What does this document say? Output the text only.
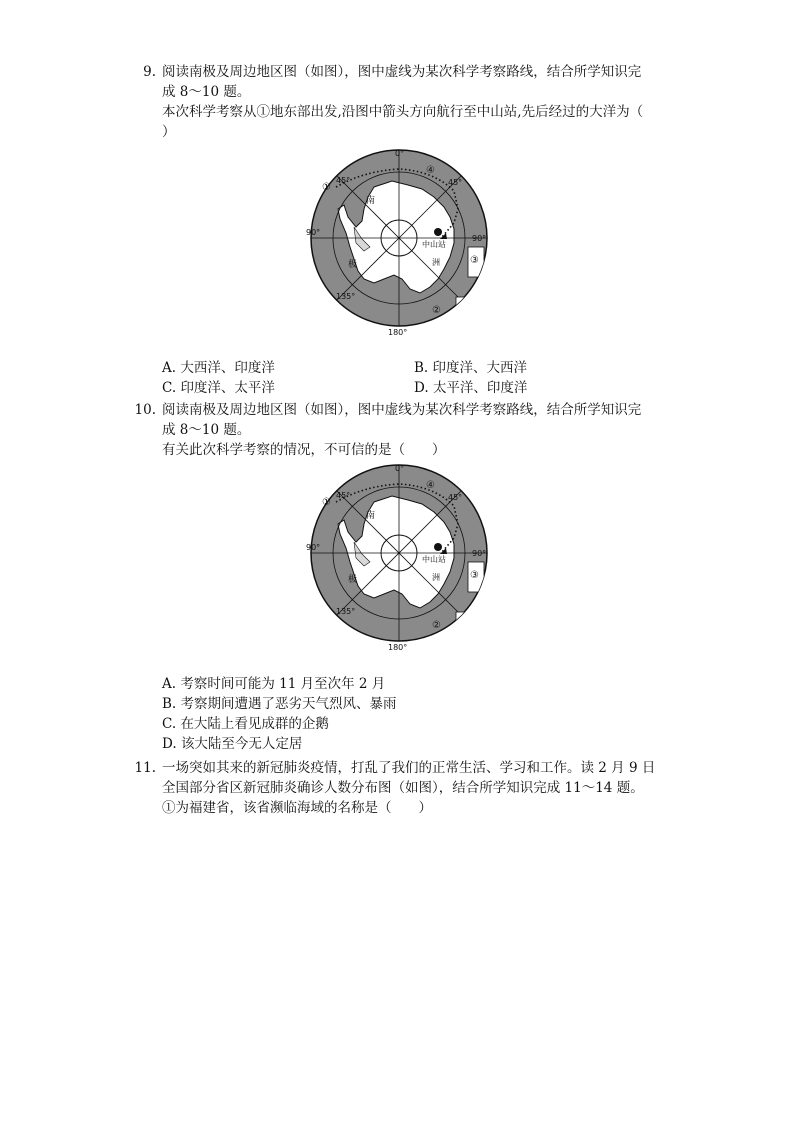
9. 阅读南极及周边地区图（如图），图中虚线为某次科学考察路线，结合所学知识完
成 8～10 题。
本次科学考察从①地东部出发,沿图中箭头方向航行至中山站,先后经过的大洋为（
）
0°
45°	45°
90°
90°
135°
180°
南
极
中山站
洲
①
②
③
④
A. 大西洋、印度洋	B. 印度洋、大西洋
C. 印度洋、太平洋	D. 太平洋、印度洋
10. 阅读南极及周边地区图（如图），图中虚线为某次科学考察路线，结合所学知识完
成 8～10 题。
有关此次科学考察的情况，不可信的是（　　）
0°
45°	45°
90°
90°
135°
180°
南
极
中山站
洲
①
②
③
④
A. 考察时间可能为 11 月至次年 2 月
B. 考察期间遭遇了恶劣天气烈风、暴雨
C. 在大陆上看见成群的企鹅
D. 该大陆至今无人定居
11. 一场突如其来的新冠肺炎疫情，打乱了我们的正常生活、学习和工作。读 2 月 9 日
全国部分省区新冠肺炎确诊人数分布图（如图），结合所学知识完成 11～14 题。
①为福建省，该省濒临海域的名称是（　　）
